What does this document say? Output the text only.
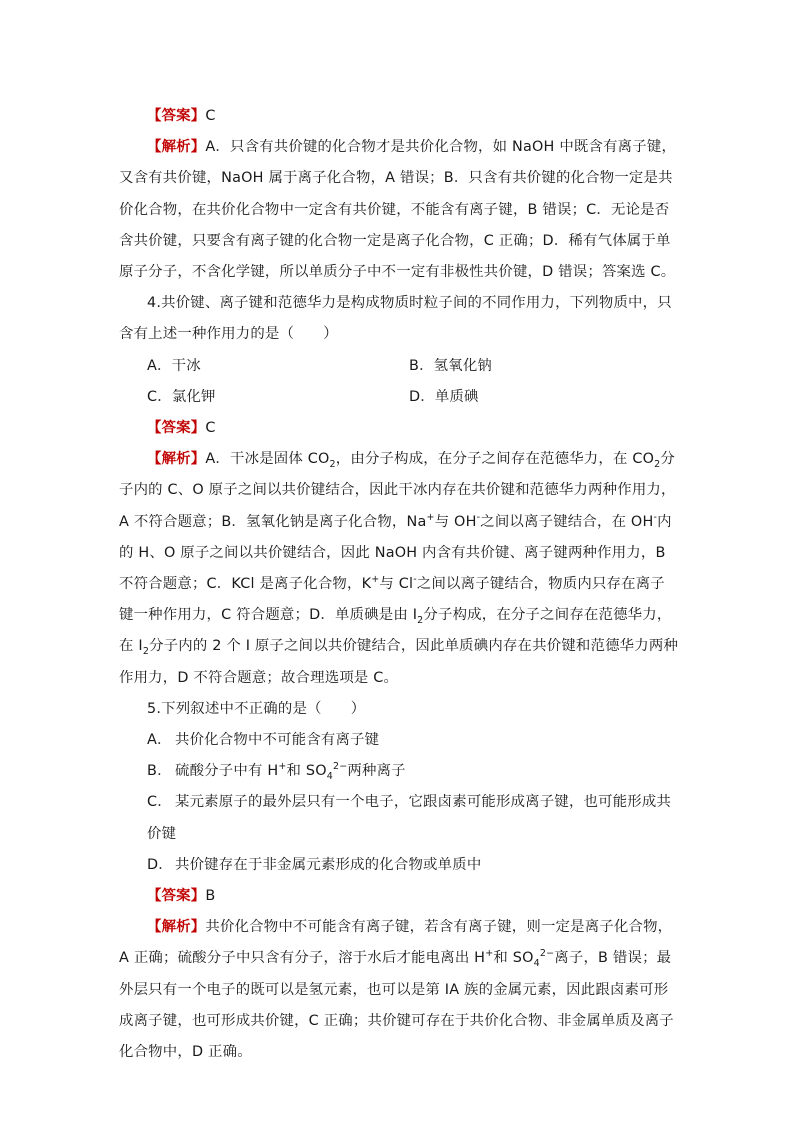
【答案】C

【解析】A．只含有共价键的化合物才是共价化合物，如 NaOH 中既含有离子键，又含有共价键，NaOH 属于离子化合物，A 错误；B．只含有共价键的化合物一定是共价化合物，在共价化合物中一定含有共价键，不能含有离子键，B 错误；C．无论是否含共价键，只要含有离子键的化合物一定是离子化合物，C 正确；D．稀有气体属于单原子分子，不含化学键，所以单质分子中不一定有非极性共价键，D 错误；答案选 C。

4.共价键、离子键和范德华力是构成物质时粒子间的不同作用力，下列物质中，只含有上述一种作用力的是（　　）

A．干冰	B．氢氧化钠
C．氯化钾	D．单质碘

【答案】C

【解析】A．干冰是固体 $CO_2$，由分子构成，在分子之间存在范德华力，在 $CO_2$分子内的 C、O 原子之间以共价键结合，因此干冰内存在共价键和范德华力两种作用力，A 不符合题意；B．氢氧化钠是离子化合物，Na+与 OH-之间以离子键结合，在 OH-内的 H、O 原子之间以共价键结合，因此 NaOH 内含有共价键、离子键两种作用力，B 不符合题意；C．KCl 是离子化合物，K+与 Cl-之间以离子键结合，物质内只存在离子键一种作用力，C 符合题意；D．单质碘是由 $I_2$分子构成，在分子之间存在范德华力，在 $I_2$分子内的 2 个 I 原子之间以共价键结合，因此单质碘内存在共价键和范德华力两种作用力，D 不符合题意；故合理选项是 C。

5.下列叙述中不正确的是（　　）

A． 共价化合物中不可能含有离子键
B． 硫酸分子中有 H+和 $SO_4^{2-}$两种离子
C． 某元素原子的最外层只有一个电子，它跟卤素可能形成离子键，也可能形成共价键
D． 共价键存在于非金属元素形成的化合物或单质中

【答案】B

【解析】共价化合物中不可能含有离子键，若含有离子键，则一定是离子化合物，A 正确；硫酸分子中只含有分子，溶于水后才能电离出 H+和 $SO_4^{2-}$离子，B 错误；最外层只有一个电子的既可以是氢元素，也可以是第 IA 族的金属元素，因此跟卤素可形成离子键，也可形成共价键，C 正确；共价键可存在于共价化合物、非金属单质及离子化合物中，D 正确。
